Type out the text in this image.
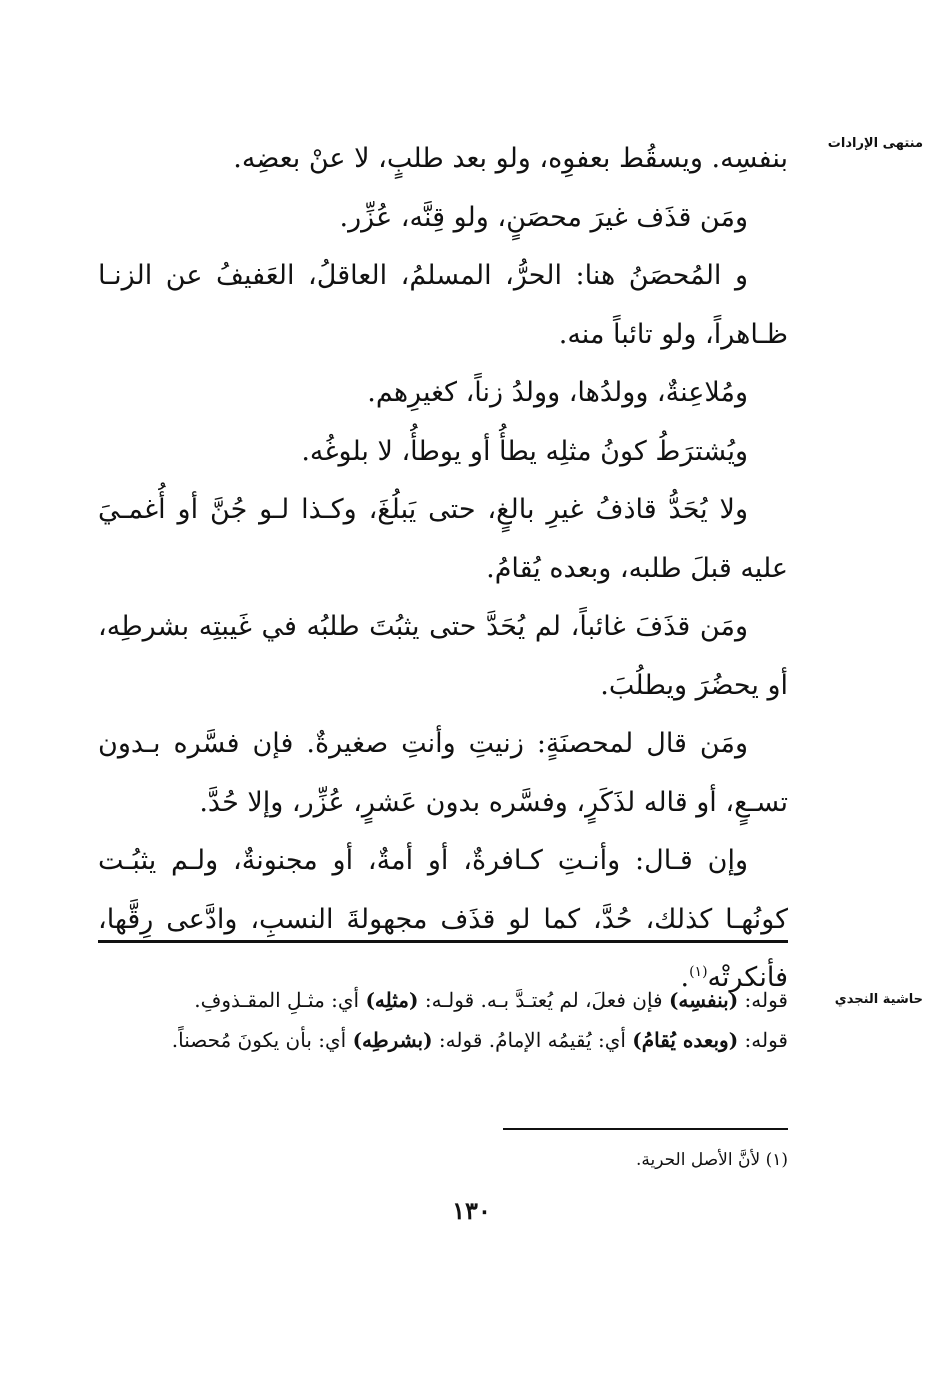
منتهى الإرادات

بنفسِه. ويسقُط بعفوِه، ولو بعد طلبٍ، لا عنْ بعضِه.

ومَن قذَف غيرَ محصَنٍ، ولو قِنَّه، عُزِّر.

و المُحصَنُ هنا: الحرُّ، المسلمُ، العاقلُ، العَفيفُ عن الزنـا ظـاهراً، ولو تائباً منه.

ومُلاعِنةٌ، وولدُها، وولدُ زناً، كغيرِهم.

ويُشترَطُ كونُ مثلِه يطأُ أو يوطأُ، لا بلوغُه.

ولا يُحَدُّ قاذفُ غيرِ بالغٍ، حتى يَبلُغَ، وكـذا لـو جُنَّ أو أُغمـيَ عليه قبلَ طلبه، وبعده يُقامُ.

ومَن قذَفَ غائباً، لم يُحَدَّ حتى يثبُتَ طلبُه في غَيبتِه بشرطِه، أو يحضُرَ ويطلُبَ.

ومَن قال لمحصنَةٍ: زنيتِ وأنتِ صغيرةٌ. فإن فسَّره بـدون تسـعٍ، أو قاله لذَكَرٍ، وفسَّره بدون عَشرٍ، عُزِّر، وإلا حُدَّ.

وإن قـال: وأنـتِ كـافرةٌ، أو أمةٌ، أو مجنونةٌ، ولـم يثبُـت كونُهـا كذلك، حُدَّ، كما لو قذَف مجهولةَ النسبِ، وادَّعى رِقَّها، فأنكرتْه$^{(١)}$.

حاشية النجدي

قوله: (بنفسِه) فإن فعلَ، لم يُعتـدَّ بـه. قولـه: (مثلِه) أي: مثـلِ المقـذوفِ.

قوله: (وبعده يُقامُ) أي: يُقيمُه الإمامُ. قوله: (بشرطِه) أي: بأن يكونَ مُحصناً.

(١) لأنَّ الأصل الحرية.
١٣٠
